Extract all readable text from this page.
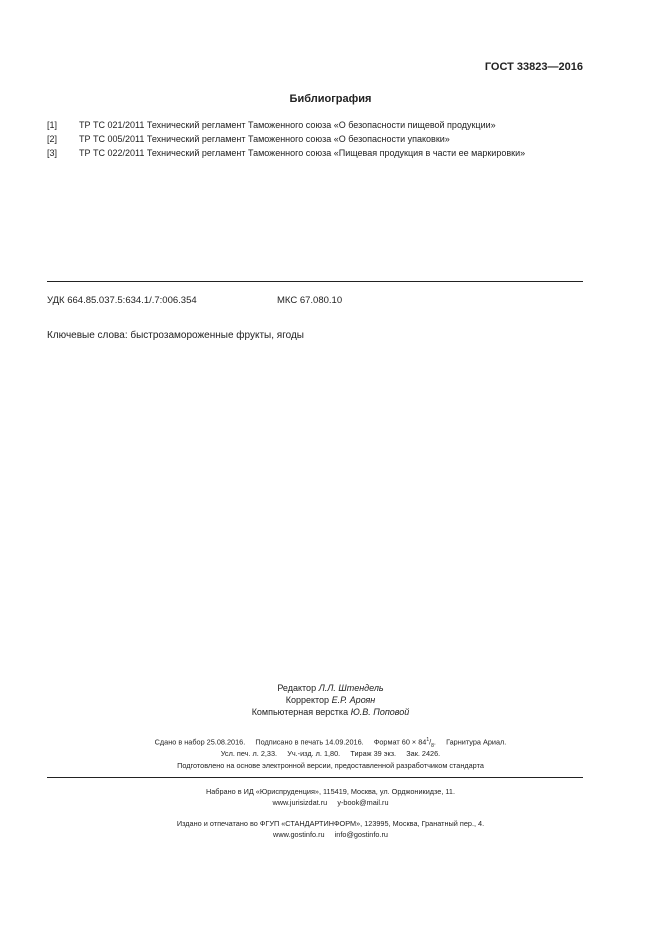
ГОСТ 33823—2016
Библиография
[1] ТР ТС 021/2011 Технический регламент Таможенного союза «О безопасности пищевой продукции»
[2] ТР ТС 005/2011 Технический регламент Таможенного союза «О безопасности упаковки»
[3] ТР ТС 022/2011 Технический регламент Таможенного союза «Пищевая продукция в части ее маркировки»
УДК 664.85.037.5:634.1/.7:006.354	МКС 67.080.10
Ключевые слова: быстрозамороженные фрукты, ягоды
Редактор Л.Л. Штендель
Корректор Е.Р. Ароян
Компьютерная верстка Ю.В. Поповой
Сдано в набор 25.08.2016.     Подписано в печать 14.09.2016.     Формат $60 \times 84^1/_8$.     Гарнитура Ариал.
Усл. печ. л. 2,33.     Уч.-изд. л. 1,80.     Тираж 39 экз.     Зак. 2426.
Подготовлено на основе электронной версии, предоставленной разработчиком стандарта
Набрано в ИД «Юриспруденция», 115419, Москва, ул. Орджоникидзе, 11.
www.jurisizdat.ru     y-book@mail.ru
Издано и отпечатано во ФГУП «СТАНДАРТИНФОРМ», 123995, Москва, Гранатный пер., 4.
www.gostinfo.ru     info@gostinfo.ru
